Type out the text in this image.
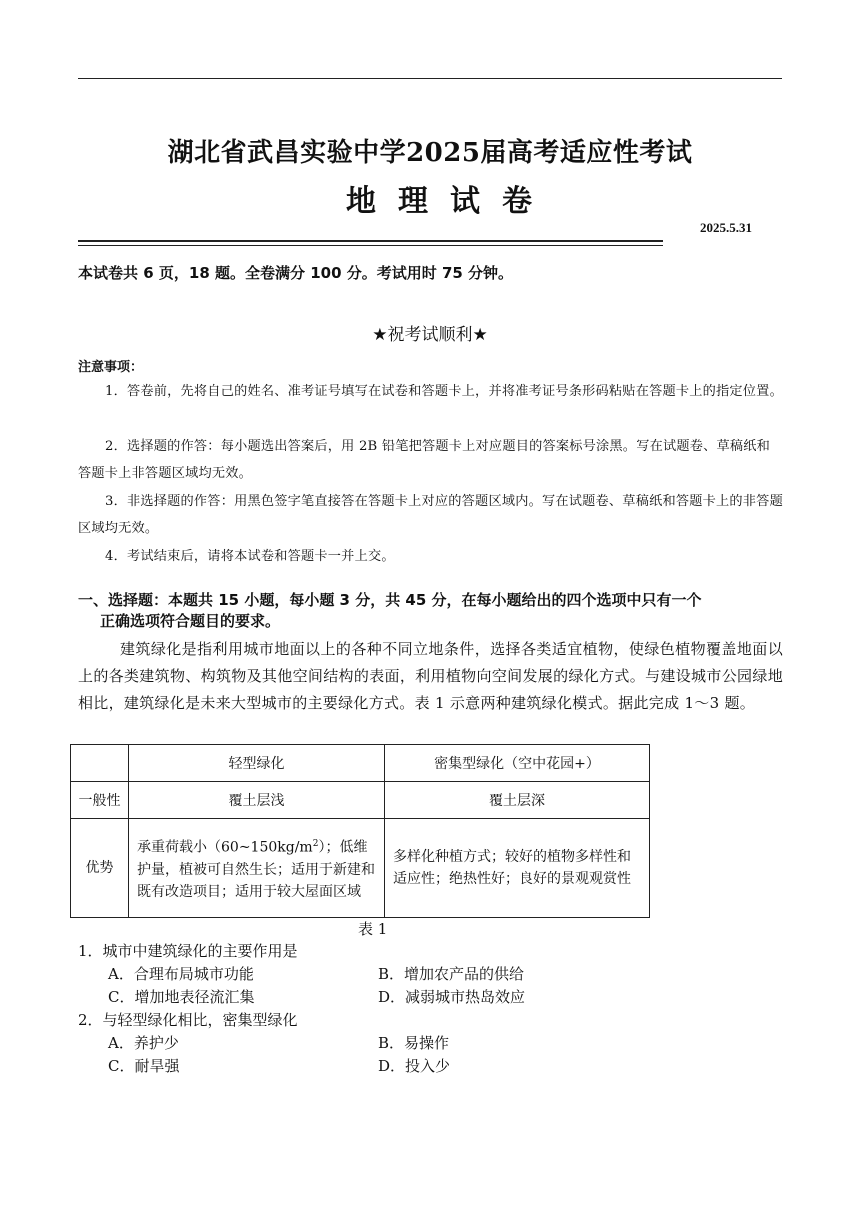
湖北省武昌实验中学2025届高考适应性考试
地理试卷
2025.5.31
本试卷共 6 页，18 题。全卷满分 100 分。考试用时 75 分钟。
★祝考试顺利★
注意事项：
1．答卷前，先将自己的姓名、准考证号填写在试卷和答题卡上，并将准考证号条形码粘贴在答题卡上的指定位置。
2．选择题的作答：每小题选出答案后，用 2B 铅笔把答题卡上对应题目的答案标号涂黑。写在试题卷、草稿纸和答题卡上非答题区域均无效。
3．非选择题的作答：用黑色签字笔直接答在答题卡上对应的答题区域内。写在试题卷、草稿纸和答题卡上的非答题区域均无效。
4．考试结束后，请将本试卷和答题卡一并上交。
一、选择题：本题共 15 小题，每小题 3 分，共 45 分，在每小题给出的四个选项中只有一个
正确选项符合题目的要求。
建筑绿化是指利用城市地面以上的各种不同立地条件，选择各类适宜植物，使绿色植物覆盖地面以上的各类建筑物、构筑物及其他空间结构的表面，利用植物向空间发展的绿化方式。与建设城市公园绿地相比，建筑绿化是未来大型城市的主要绿化方式。表 1 示意两种建筑绿化模式。据此完成 1～3 题。
	轻型绿化	密集型绿化（空中花园+）
一般性	覆土层浅	覆土层深
优势	承重荷载小$(60\sim 150kg/m^2)$；低维护量，植被可自然生长；适用于新建和既有改造项目；适用于较大屋面区域	多样化种植方式；较好的植物多样性和适应性；绝热性好；良好的景观观赏性
表 1
1．城市中建筑绿化的主要作用是
A．合理布局城市功能	B．增加农产品的供给
C．增加地表径流汇集	D．减弱城市热岛效应
2．与轻型绿化相比，密集型绿化
A．养护少	B．易操作
C．耐旱强	D．投入少
